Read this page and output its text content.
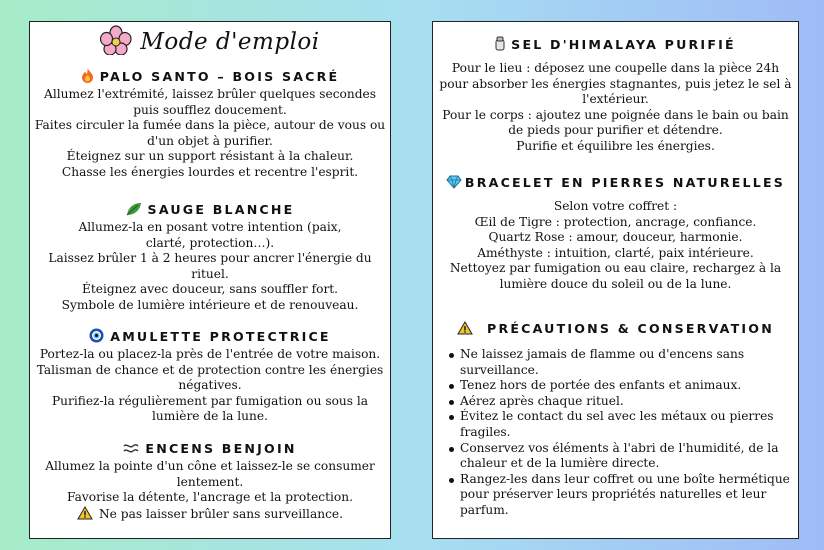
Mode d'emploi

PALO SANTO – BOIS SACRÉ

Allumez l'extrémité, laissez brûler quelques secondes puis soufflez doucement.

Faites circuler la fumée dans la pièce, autour de vous ou d'un objet à purifier.

Éteignez sur un support résistant à la chaleur.

Chasse les énergies lourdes et recentre l'esprit.

SAUGE BLANCHE

Allumez-la en posant votre intention (paix, clarté, protection…).

Laissez brûler 1 à 2 heures pour ancrer l'énergie du rituel.

Éteignez avec douceur, sans souffler fort.

Symbole de lumière intérieure et de renouveau.

AMULETTE PROTECTRICE

Portez-la ou placez-la près de l'entrée de votre maison.

Talisman de chance et de protection contre les énergies négatives.

Purifiez-la régulièrement par fumigation ou sous la lumière de la lune.

ENCENS BENJOIN

Allumez la pointe d'un cône et laissez-le se consumer lentement.

Favorise la détente, l'ancrage et la protection.

Ne pas laisser brûler sans surveillance.

SEL D'HIMALAYA PURIFIÉ

Pour le lieu : déposez une coupelle dans la pièce 24h pour absorber les énergies stagnantes, puis jetez le sel à l'extérieur.

Pour le corps : ajoutez une poignée dans le bain ou bain de pieds pour purifier et détendre.

Purifie et équilibre les énergies.

BRACELET EN PIERRES NATURELLES

Selon votre coffret :

Œil de Tigre : protection, ancrage, confiance.

Quartz Rose : amour, douceur, harmonie.

Améthyste : intuition, clarté, paix intérieure.

Nettoyez par fumigation ou eau claire, rechargez à la lumière douce du soleil ou de la lune.

PRÉCAUTIONS & CONSERVATION

Ne laissez jamais de flamme ou d'encens sans surveillance.
Tenez hors de portée des enfants et animaux.
Aérez après chaque rituel.
Évitez le contact du sel avec les métaux ou pierres fragiles.
Conservez vos éléments à l'abri de l'humidité, de la chaleur et de la lumière directe.
Rangez-les dans leur coffret ou une boîte hermétique pour préserver leurs propriétés naturelles et leur parfum.
